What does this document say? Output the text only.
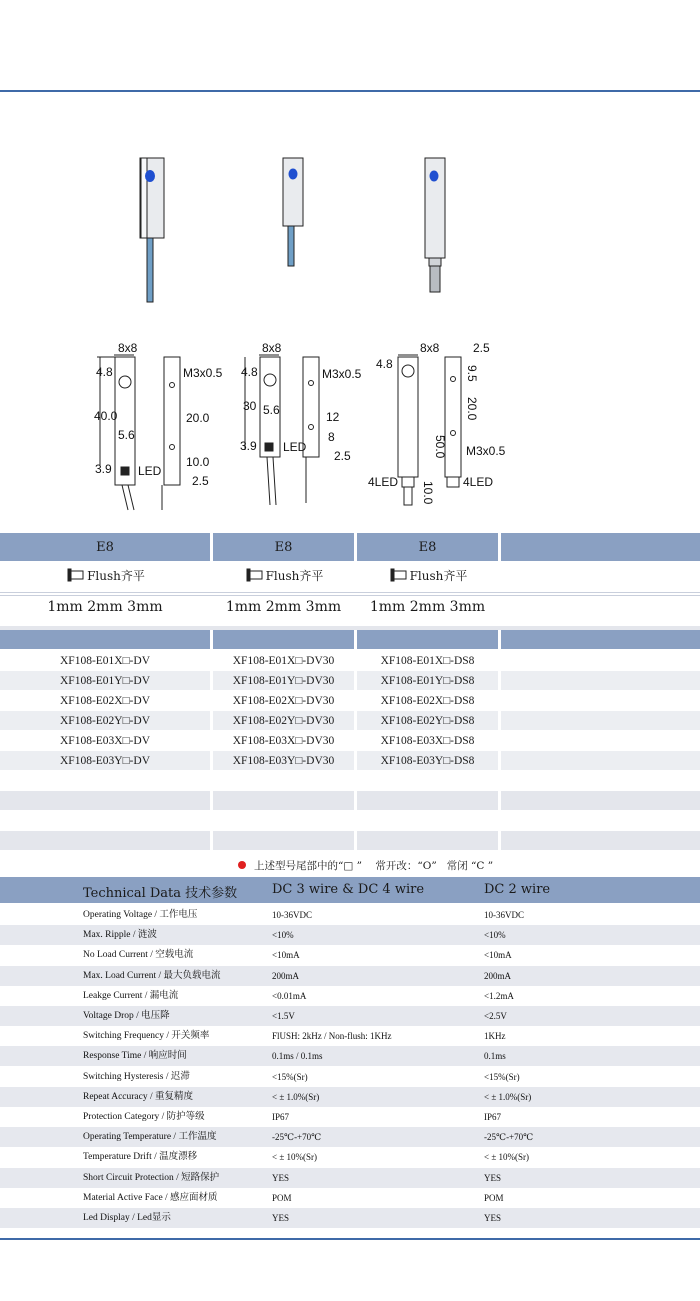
8x8
4.8
40.0
5.6
3.9 LED
M3x0.5
20.0
10.0
2.5
8x8
4.8
30 5.6
3.9 LED
M3x0.5
12
8
2.5
8x8
4.8
50.0
4LED 10.0
2.5
9.5
20.0
M3x0.5
4LED
E8	E8	E8
Flush齐平	Flush齐平	Flush齐平
1mm 2mm 3mm	1mm 2mm 3mm	1mm 2mm 3mm
XF108-E01X□-DV	XF108-E01X□-DV30	XF108-E01X□-DS8
XF108-E01Y□-DV	XF108-E01Y□-DV30	XF108-E01Y□-DS8
XF108-E02X□-DV	XF108-E02X□-DV30	XF108-E02X□-DS8
XF108-E02Y□-DV	XF108-E02Y□-DV30	XF108-E02Y□-DS8
XF108-E03X□-DV	XF108-E03X□-DV30	XF108-E03X□-DS8
XF108-E03Y□-DV	XF108-E03Y□-DV30	XF108-E03Y□-DS8
上述型号尾部中的“□ ”    常开改：“O”   常闭 “C ”
Technical Data 技术参数	DC 3 wire & DC 4 wire	DC 2 wire
Operating Voltage / 工作电压	10-36VDC	10-36VDC
Max. Ripple / 涟波	<10%	<10%
No Load Current / 空载电流	<10mA	<10mA
Max. Load Current / 最大负载电流	200mA	200mA
Leakge Current / 漏电流	<0.01mA	<1.2mA
Voltage Drop / 电压降	<1.5V	<2.5V
Switching Frequency / 开关频率	FlUSH: 2kHz / Non-flush: 1KHz	1KHz
Response Time / 响应时间	0.1ms / 0.1ms	0.1ms
Switching Hysteresis / 迟滞	<15%(Sr)	<15%(Sr)
Repeat Accuracy / 重复精度	< ± 1.0%(Sr)	< ± 1.0%(Sr)
Protection Category / 防护等级	IP67	IP67
Operating Temperature / 工作温度	-25℃-+70℃	-25℃-+70℃
Temperature Drift / 温度漂移	< ± 10%(Sr)	< ± 10%(Sr)
Short Circuit Protection / 短路保护	YES	YES
Material Active Face / 感应面材质	POM	POM
Led Display / Led显示	YES	YES
